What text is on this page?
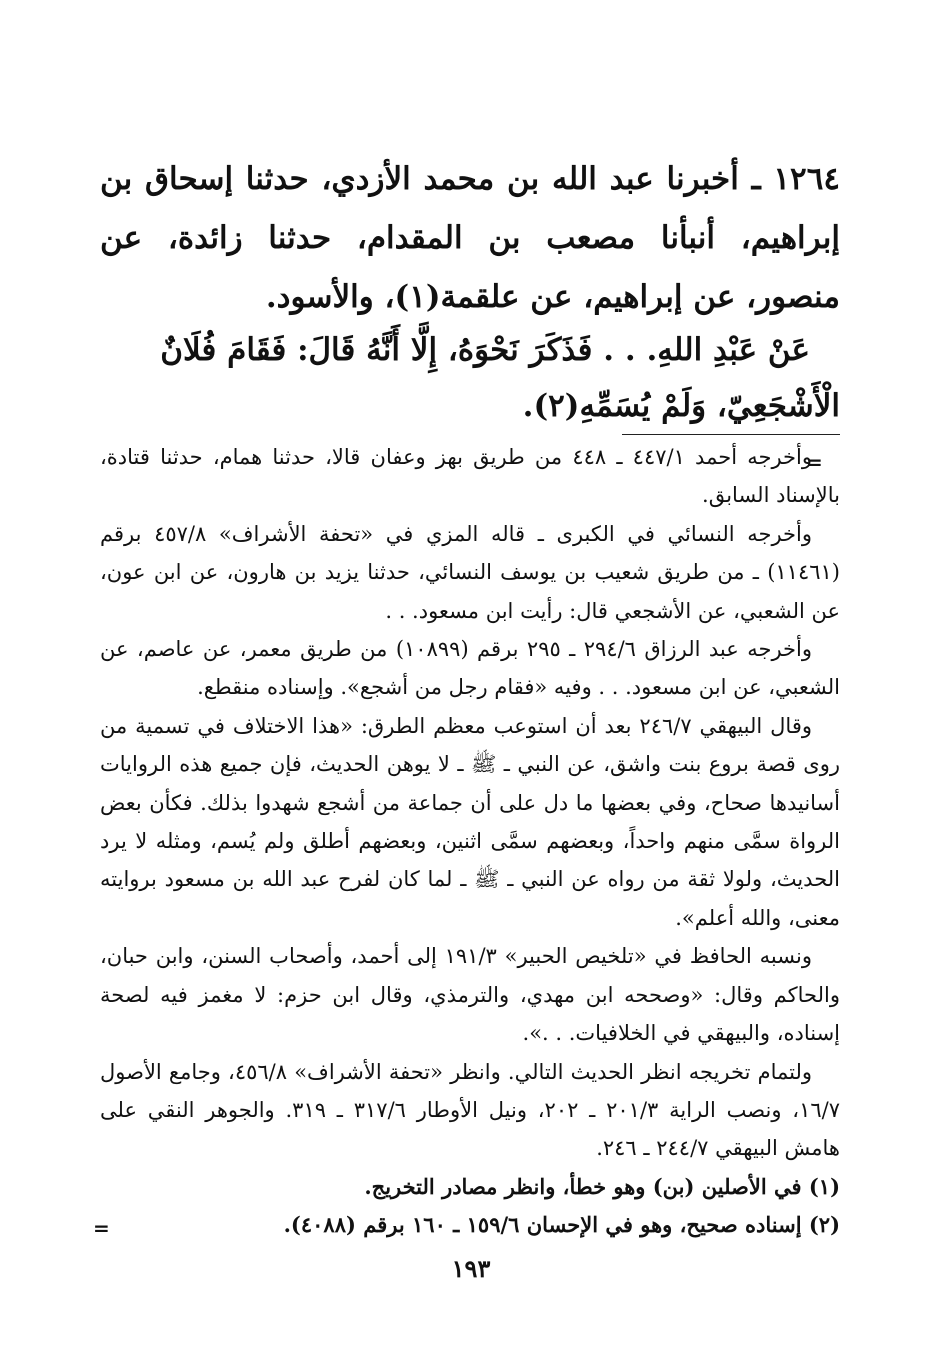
١٢٦٤ ـ أخبرنا عبد الله بن محمد الأزدي، حدثنا إسحاق بن إبراهيم، أنبأنا مصعب بن المقدام، حدثنا زائدة، عن منصور، عن إبراهيم، عن علقمة(١)، والأسود.

عَنْ عَبْدِ اللهِ. . . فَذَكَرَ نَحْوَهُ، إِلَّا أَنَّهُ قَالَ: فَقَامَ فُلَانٌ الْأَشْجَعِيّ، وَلَمْ يُسَمِّهِ(٢).

=

وأخرجه أحمد ٤٤٧/١ ـ ٤٤٨ من طريق بهز وعفان قالا، حدثنا همام، حدثنا قتادة، بالإسناد السابق.

وأخرجه النسائي في الكبرى ـ قاله المزي في «تحفة الأشراف» ٤٥٧/٨ برقم (١١٤٦١) ـ من طريق شعيب بن يوسف النسائي، حدثنا يزيد بن هارون، عن ابن عون، عن الشعبي، عن الأشجعي قال: رأيت ابن مسعود. . .

وأخرجه عبد الرزاق ٢٩٤/٦ ـ ٢٩٥ برقم (١٠٨٩٩) من طريق معمر، عن عاصم، عن الشعبي، عن ابن مسعود. . . وفيه «فقام رجل من أشجع». وإسناده منقطع.

وقال البيهقي ٢٤٦/٧ بعد أن استوعب معظم الطرق: «هذا الاختلاف في تسمية من روى قصة بروع بنت واشق، عن النبي ـ ﷺ ـ لا يوهن الحديث، فإن جميع هذه الروايات أسانيدها صحاح، وفي بعضها ما دل على أن جماعة من أشجع شهدوا بذلك. فكأن بعض الرواة سمَّى منهم واحداً، وبعضهم سمَّى اثنين، وبعضهم أطلق ولم يُسم، ومثله لا يرد الحديث، ولولا ثقة من رواه عن النبي ـ ﷺ ـ لما كان لفرح عبد الله بن مسعود بروايته معنى، والله أعلم».

ونسبه الحافظ في «تلخيص الحبير» ١٩١/٣ إلى أحمد، وأصحاب السنن، وابن حبان، والحاكم وقال: «وصححه ابن مهدي، والترمذي، وقال ابن حزم: لا مغمز فيه لصحة إسناده، والبيهقي في الخلافيات. . .».

ولتمام تخريجه انظر الحديث التالي. وانظر «تحفة الأشراف» ٤٥٦/٨، وجامع الأصول ١٦/٧، ونصب الراية ٢٠١/٣ ـ ٢٠٢، ونيل الأوطار ٣١٧/٦ ـ ٣١٩. والجوهر النقي على هامش البيهقي ٢٤٤/٧ ـ ٢٤٦.

(١) في الأصلين (بن) وهو خطأ، وانظر مصادر التخريج.

(٢) إسناده صحيح، وهو في الإحسان ١٥٩/٦ ـ ١٦٠ برقم (٤٠٨٨).

=
١٩٣
